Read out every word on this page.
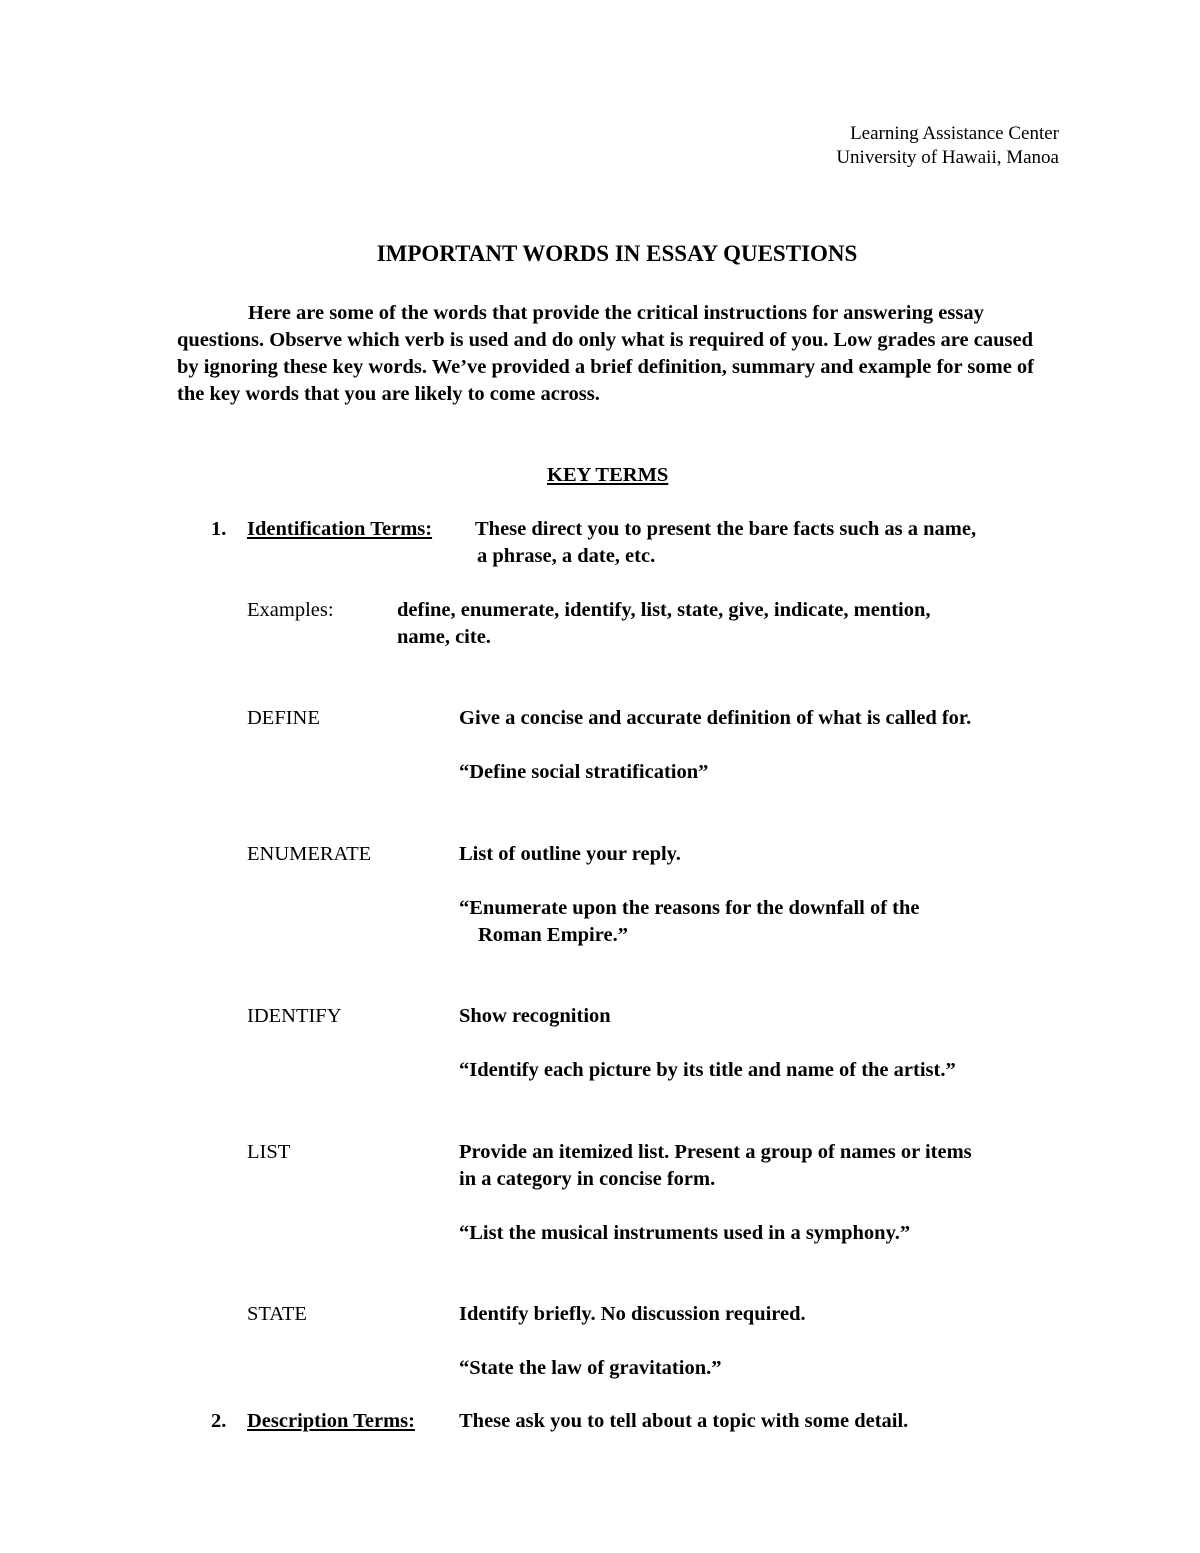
Learning Assistance Center
University of Hawaii, Manoa
IMPORTANT WORDS IN ESSAY QUESTIONS

Here are some of the words that provide the critical instructions for answering essay questions. Observe which verb is used and do only what is required of you. Low grades are caused by ignoring these key words. We’ve provided a brief definition, summary and example for some of the key words that you are likely to come across.

KEY TERMS
1. Identification Terms: These direct you to present the bare facts such as a name,
a phrase, a date, etc.
Examples:	define, enumerate, identify, list, state, give, indicate, mention,
name, cite.
DEFINE	Give a concise and accurate definition of what is called for.
“Define social stratification”
ENUMERATE	List of outline your reply.
“Enumerate upon the reasons for the downfall of the
Roman Empire.”
IDENTIFY	Show recognition
“Identify each picture by its title and name of the artist.”
LIST	Provide an itemized list. Present a group of names or items
in a category in concise form.
“List the musical instruments used in a symphony.”
STATE	Identify briefly. No discussion required.
“State the law of gravitation.”
2. Description Terms: These ask you to tell about a topic with some detail.
